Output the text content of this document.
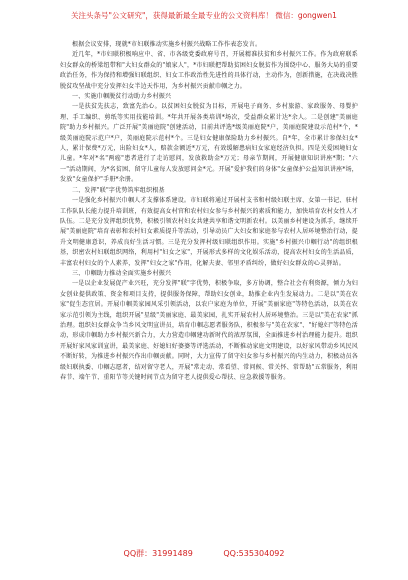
关注头条号"公文研究"，获得最新最全最专业的公文资料库！ 微信：gongwen1

根据会议安排，现就*市妇联推动实施乡村振兴战略工作作表态发言。

近几年，*市妇联积极响应中、省、市各级党委政府号召，开展精准扶贫和乡村振兴工作。作为政府联系妇女群众的桥梁纽带和"大妇女群众的"娘家人"，*市妇联把帮助贫困妇女脱贫作为围绕中心、服务大局的重要政治任务，作为保持和增强妇联组织、妇女工作政治性先进性的具体行动，主动作为，创新措施，在决战决胜脱贫攻坚战中充分发挥妇女半边天作用，为乡村振兴贡献巾帼之力。

一、实施巾帼脱贫行动助力乡村振兴

一是扶贫先扶志，致富先治心。以贫困妇女脱贫为目标，开展电子商务、乡村旅游、家政服务、母婴护理、手工编织、剪纸等实用技能培训。*年共开展各类培训*场次，受益群众累计达*余人。二是创建"美丽庭院"助力乡村振兴。广泛开展"美丽庭院"创建活动，目前共评选*级美丽庭院*户，美丽庭院建设示范村*个，*级美丽庭院示范户*户，美丽庭院示范村*个。三是妇女健康保险助力乡村振兴。自*年，全市累计参保妇女*人，累计保费*万元，出险妇女*人，赔款金额近*万元，有效缓解患病妇女家庭经济负担。四是关爱困境妇女儿童。*年对*名"两癌"患者进行了走访慰问，发放救助金*万元；母亲节期间，开展健康知识讲座*期；"六一"活动期间，为*名贫困、留守儿童每人发放慰问金*元。开展"爱护我们的身体"女童保护公益知识讲座*场，发放"女童保护"手册*余册。

二、发挥"联"字优势筑牢组织根基

一是强化乡村振兴巾帼人才支撑体系建设。市妇联将通过开展村支书和村级妇联主席、女第一书记、驻村工作队队长能力提升培训班，有效提高女村官和农村妇女参与乡村振兴的素质和能力，加快培育农村女性人才队伍。二是充分发挥组织优势，积极引领农村妇女共建共享和谐文明新农村。以美丽乡村建设为抓手，继续开展"美丽庭院"培育表彰和农村妇女素质提升等活动，引导动员广大妇女和家庭参与农村人居环境整治行动，提升文明健康意识，养成良好生活习惯。三是充分发挥村级妇联组织作用。实施"乡村振兴巾帼行动"的组织根基，织密农村妇联组织网络，利用村"妇女之家"，开展形式多样的文化娱乐活动，提高农村妇女的生活品质，丰富农村妇女的个人素养，发挥"妇女之家"作用，化解夫妻、邻里矛盾纠纷，做好妇女群众的心灵驿站。

三、巾帼助力推动全面实施乡村振兴

一是以企业发展促产业兴旺，充分发挥"联"字优势，积极争取，多方协调，整合社会有利资源，倾力为妇女创业提供政策、资金和项目支持，提供服务保障，帮助妇女创业，助推企业内生发展动力。二是以"美在农家"促生态宜居。开展巾帼美家园风采引领活动，以农户家庭为单位，开展"美丽家庭"等特色活动，以美在农家示范引领为主线，组织开展"星级"美丽家庭、最美家园，扎实开展农村人居环境整治。三是以"美在农家"抓治理。组织妇女群众争当乡风文明宣讲员，培育巾帼志愿者服务队，积极参与"美在农家"、"好媳妇"等特色活动，形成巾帼助力乡村振兴新合力，大力营造巾帼建功新时代的浓厚氛围，全面推进乡村治理能力提升。组织开展好家风家训宣讲，最美家庭、好媳妇好婆婆等评选活动，不断推动家庭文明建设，以好家风带动乡风民风不断好转，为推进乡村振兴作出巾帼贡献。同时，大力宣传了留守妇女参与乡村振兴的内生动力，积极动员各级妇联执委、巾帼志愿者，结对留守老人，开展"常走动、常看望、常问候、常关怀、常帮助"五常服务，利用春节、端午节、重阳节等关键时间节点为留守老人提供爱心帮扶、应急救援等服务。

QQ群：31991489	QQ:535304092
